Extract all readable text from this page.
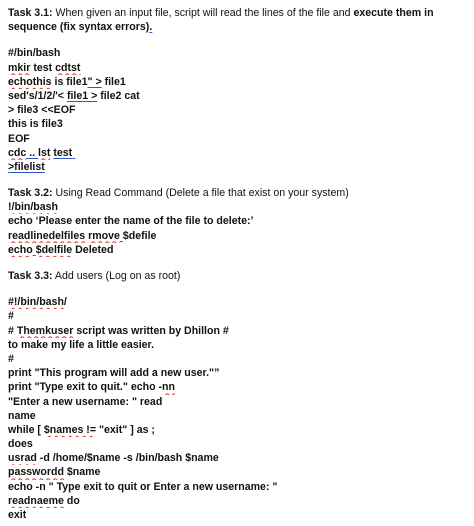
Task 3.1: When given an input file, script will read the lines of the file and execute them in sequence (fix syntax errors).
#/bin/bash
mkir test cdtst
echothis is file1" > file1
sed's/1/2/'< file1 > file2 cat
> file3 <<EOF
this is file3
EOF
cdc .. lst test
>filelist
Task 3.2: Using Read Command (Delete a file that exist on your system)
!/bin/bash
echo ‘Please enter the name of the file to delete:’
readlinedelfiles rmove $defile
echo $delfile Deleted
Task 3.3: Add users (Log on as root)
#!/bin/bash/
#
# Themkuser script was written by Dhillon #
to make my life a little easier.
#
print "This program will add a new user."”
print "Type exit to quit." echo -nn
"Enter a new username: " read
name
while [ $names != "exit" ] as ;
does
usrad -d /home/$name -s /bin/bash $name
passwordd $name
echo -n " Type exit to quit or Enter a new username: "
readnaeme do
exit
